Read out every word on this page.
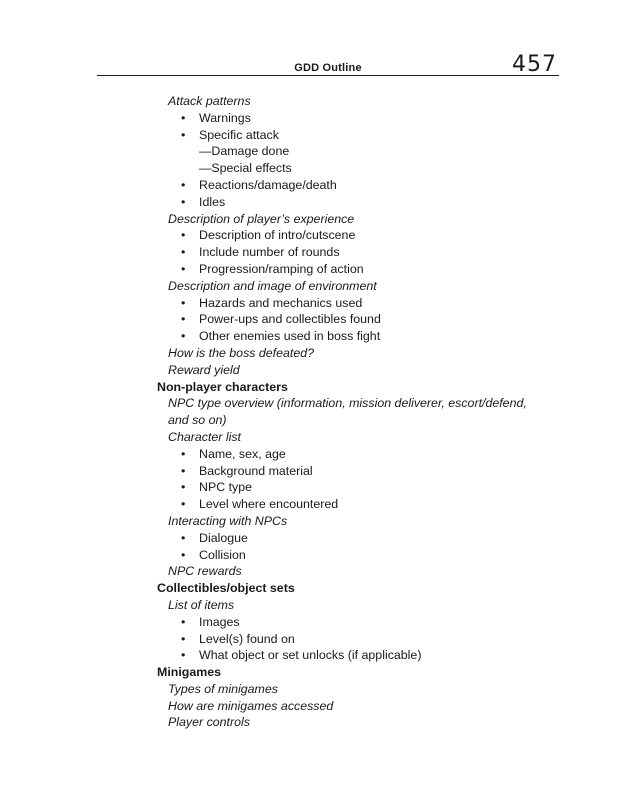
GDD Outline	457
Attack patterns
• Warnings
• Specific attack
—Damage done
—Special effects
• Reactions/damage/death
• Idles
Description of player’s experience
• Description of intro/cutscene
• Include number of rounds
• Progression/ramping of action
Description and image of environment
• Hazards and mechanics used
• Power-ups and collectibles found
• Other enemies used in boss fight
How is the boss defeated?
Reward yield
Non-player characters
NPC type overview (information, mission deliverer, escort/defend,
and so on)
Character list
• Name, sex, age
• Background material
• NPC type
• Level where encountered
Interacting with NPCs
• Dialogue
• Collision
NPC rewards
Collectibles/object sets
List of items
• Images
• Level(s) found on
• What object or set unlocks (if applicable)
Minigames
Types of minigames
How are minigames accessed
Player controls
